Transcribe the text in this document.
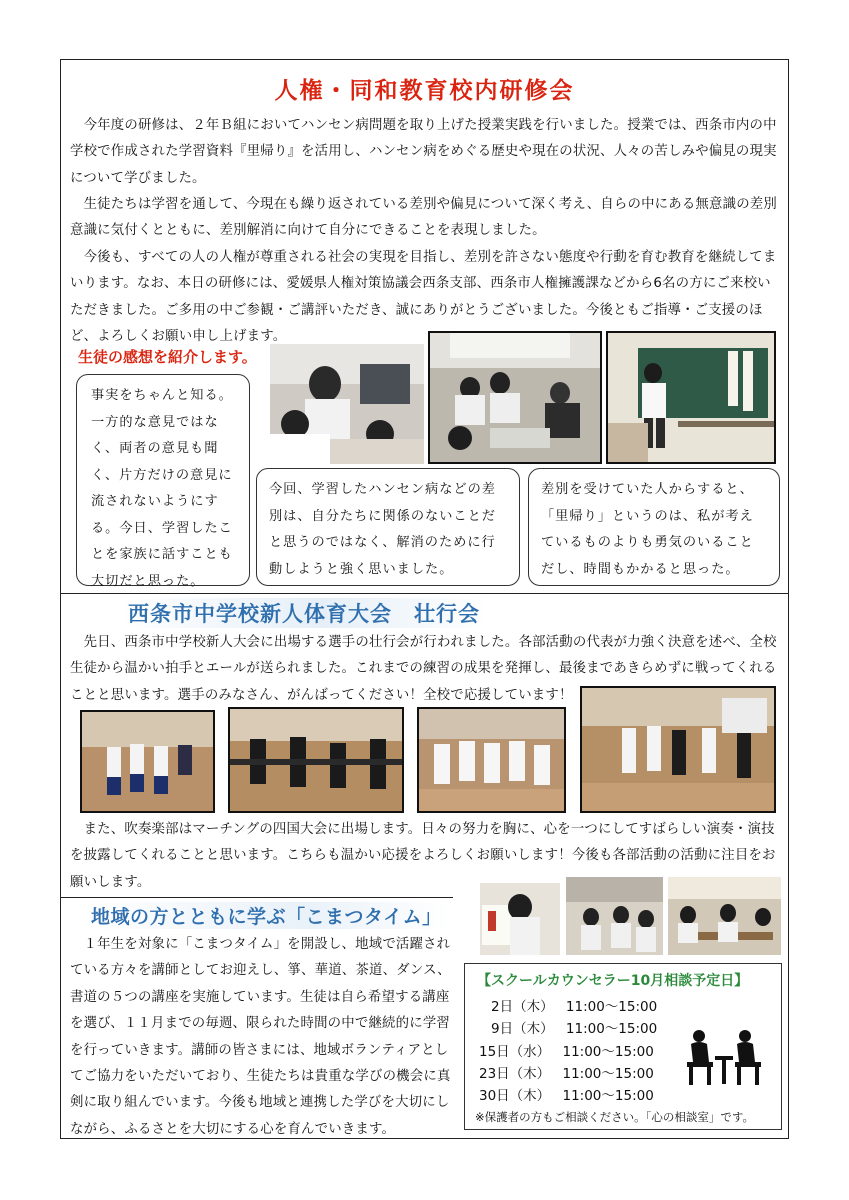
人権・同和教育校内研修会

　今年度の研修は、２年Ｂ組においてハンセン病問題を取り上げた授業実践を行いました。授業では、西条市内の中学校で作成された学習資料『里帰り』を活用し、ハンセン病をめぐる歴史や現在の状況、人々の苦しみや偏見の現実について学びました。

　生徒たちは学習を通して、今現在も繰り返されている差別や偏見について深く考え、自らの中にある無意識の差別意識に気付くとともに、差別解消に向けて自分にできることを表現しました。

　今後も、すべての人の人権が尊重される社会の実現を目指し、差別を許さない態度や行動を育む教育を継続してまいります。なお、本日の研修には、愛媛県人権対策協議会西条支部、西条市人権擁護課などから6名の方にご来校いただきました。ご多用の中ご参観・ご講評いただき、誠にありがとうございました。今後ともご指導・ご支援のほど、よろしくお願い申し上げます。

生徒の感想を紹介します。
事実をちゃんと知る。一方的な意見ではなく、両者の意見も聞く、片方だけの意見に流されないようにする。今日、学習したことを家族に話すことも大切だと思った。
今回、学習したハンセン病などの差別は、自分たちに関係のないことだと思うのではなく、解消のために行動しようと強く思いました。
差別を受けていた人からすると、「里帰り」というのは、私が考えているものよりも勇気のいることだし、時間もかかると思った。
西条市中学校新人体育大会　壮行会

　先日、西条市中学校新人大会に出場する選手の壮行会が行われました。各部活動の代表が力強く決意を述べ、全校生徒から温かい拍手とエールが送られました。これまでの練習の成果を発揮し、最後まであきらめずに戦ってくれることと思います。選手のみなさん、がんばってください！全校で応援しています！

　また、吹奏楽部はマーチングの四国大会に出場します。日々の努力を胸に、心を一つにしてすばらしい演奏・演技を披露してくれることと思います。こちらも温かい応援をよろしくお願いします！今後も各部活動の活動に注目をお願いします。

地域の方とともに学ぶ「こまつタイム」

　１年生を対象に「こまつタイム」を開設し、地域で活躍されている方々を講師としてお迎えし、箏、華道、茶道、ダンス、書道の５つの講座を実施しています。生徒は自ら希望する講座を選び、１１月までの毎週、限られた時間の中で継続的に学習を行っていきます。講師の皆さまには、地域ボランティアとしてご協力をいただいており、生徒たちは貴重な学びの機会に真剣に取り組んでいます。今後も地域と連携した学びを大切にしながら、ふるさとを大切にする心を育んでいきます。

【スクールカウンセラー10月相談予定日】
2日（木） 11:00～15:00
9日（木） 11:00～15:00
15日（水） 11:00～15:00
23日（木） 11:00～15:00
30日（木） 11:00～15:00
※保護者の方もご相談ください。「心の相談室」です。
